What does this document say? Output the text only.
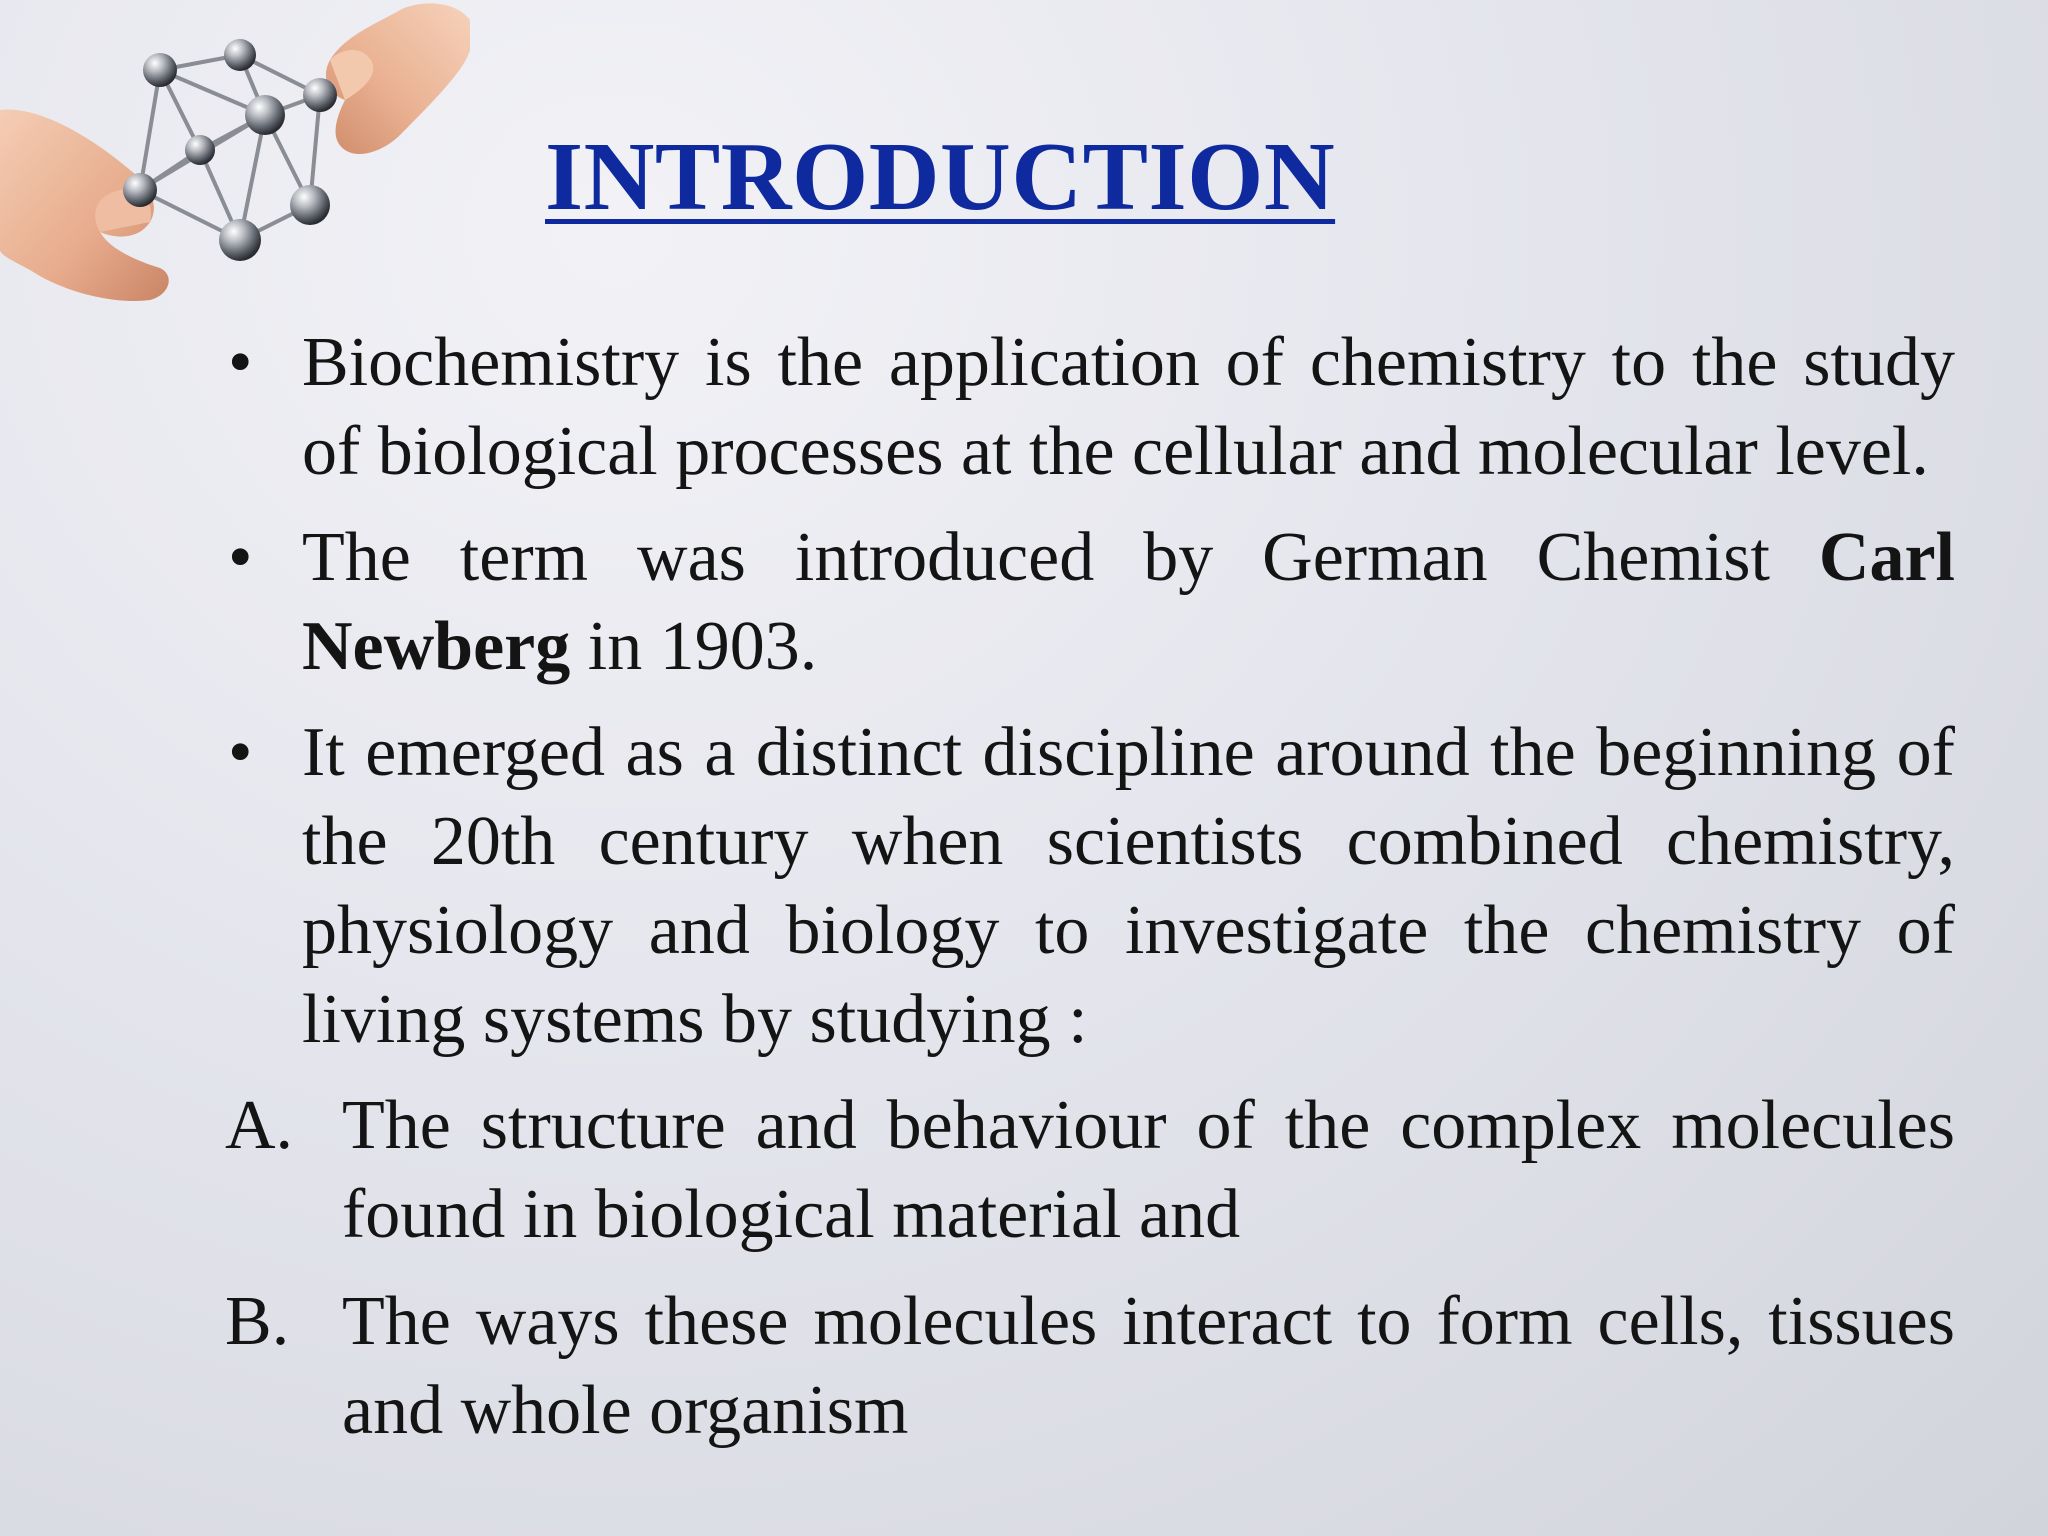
INTRODUCTION
• Biochemistry is the application of chemistry to the study of biological processes at the cellular and molecular level.
• The term was introduced by German Chemist Carl Newberg in 1903.
• It emerged as a distinct discipline around the beginning of the 20th century when scientists combined chemistry, physiology and biology to investigate the chemistry of living systems by studying :
A. The structure and behaviour of the complex molecules found in biological material and
B. The ways these molecules interact to form cells, tissues and whole organism
